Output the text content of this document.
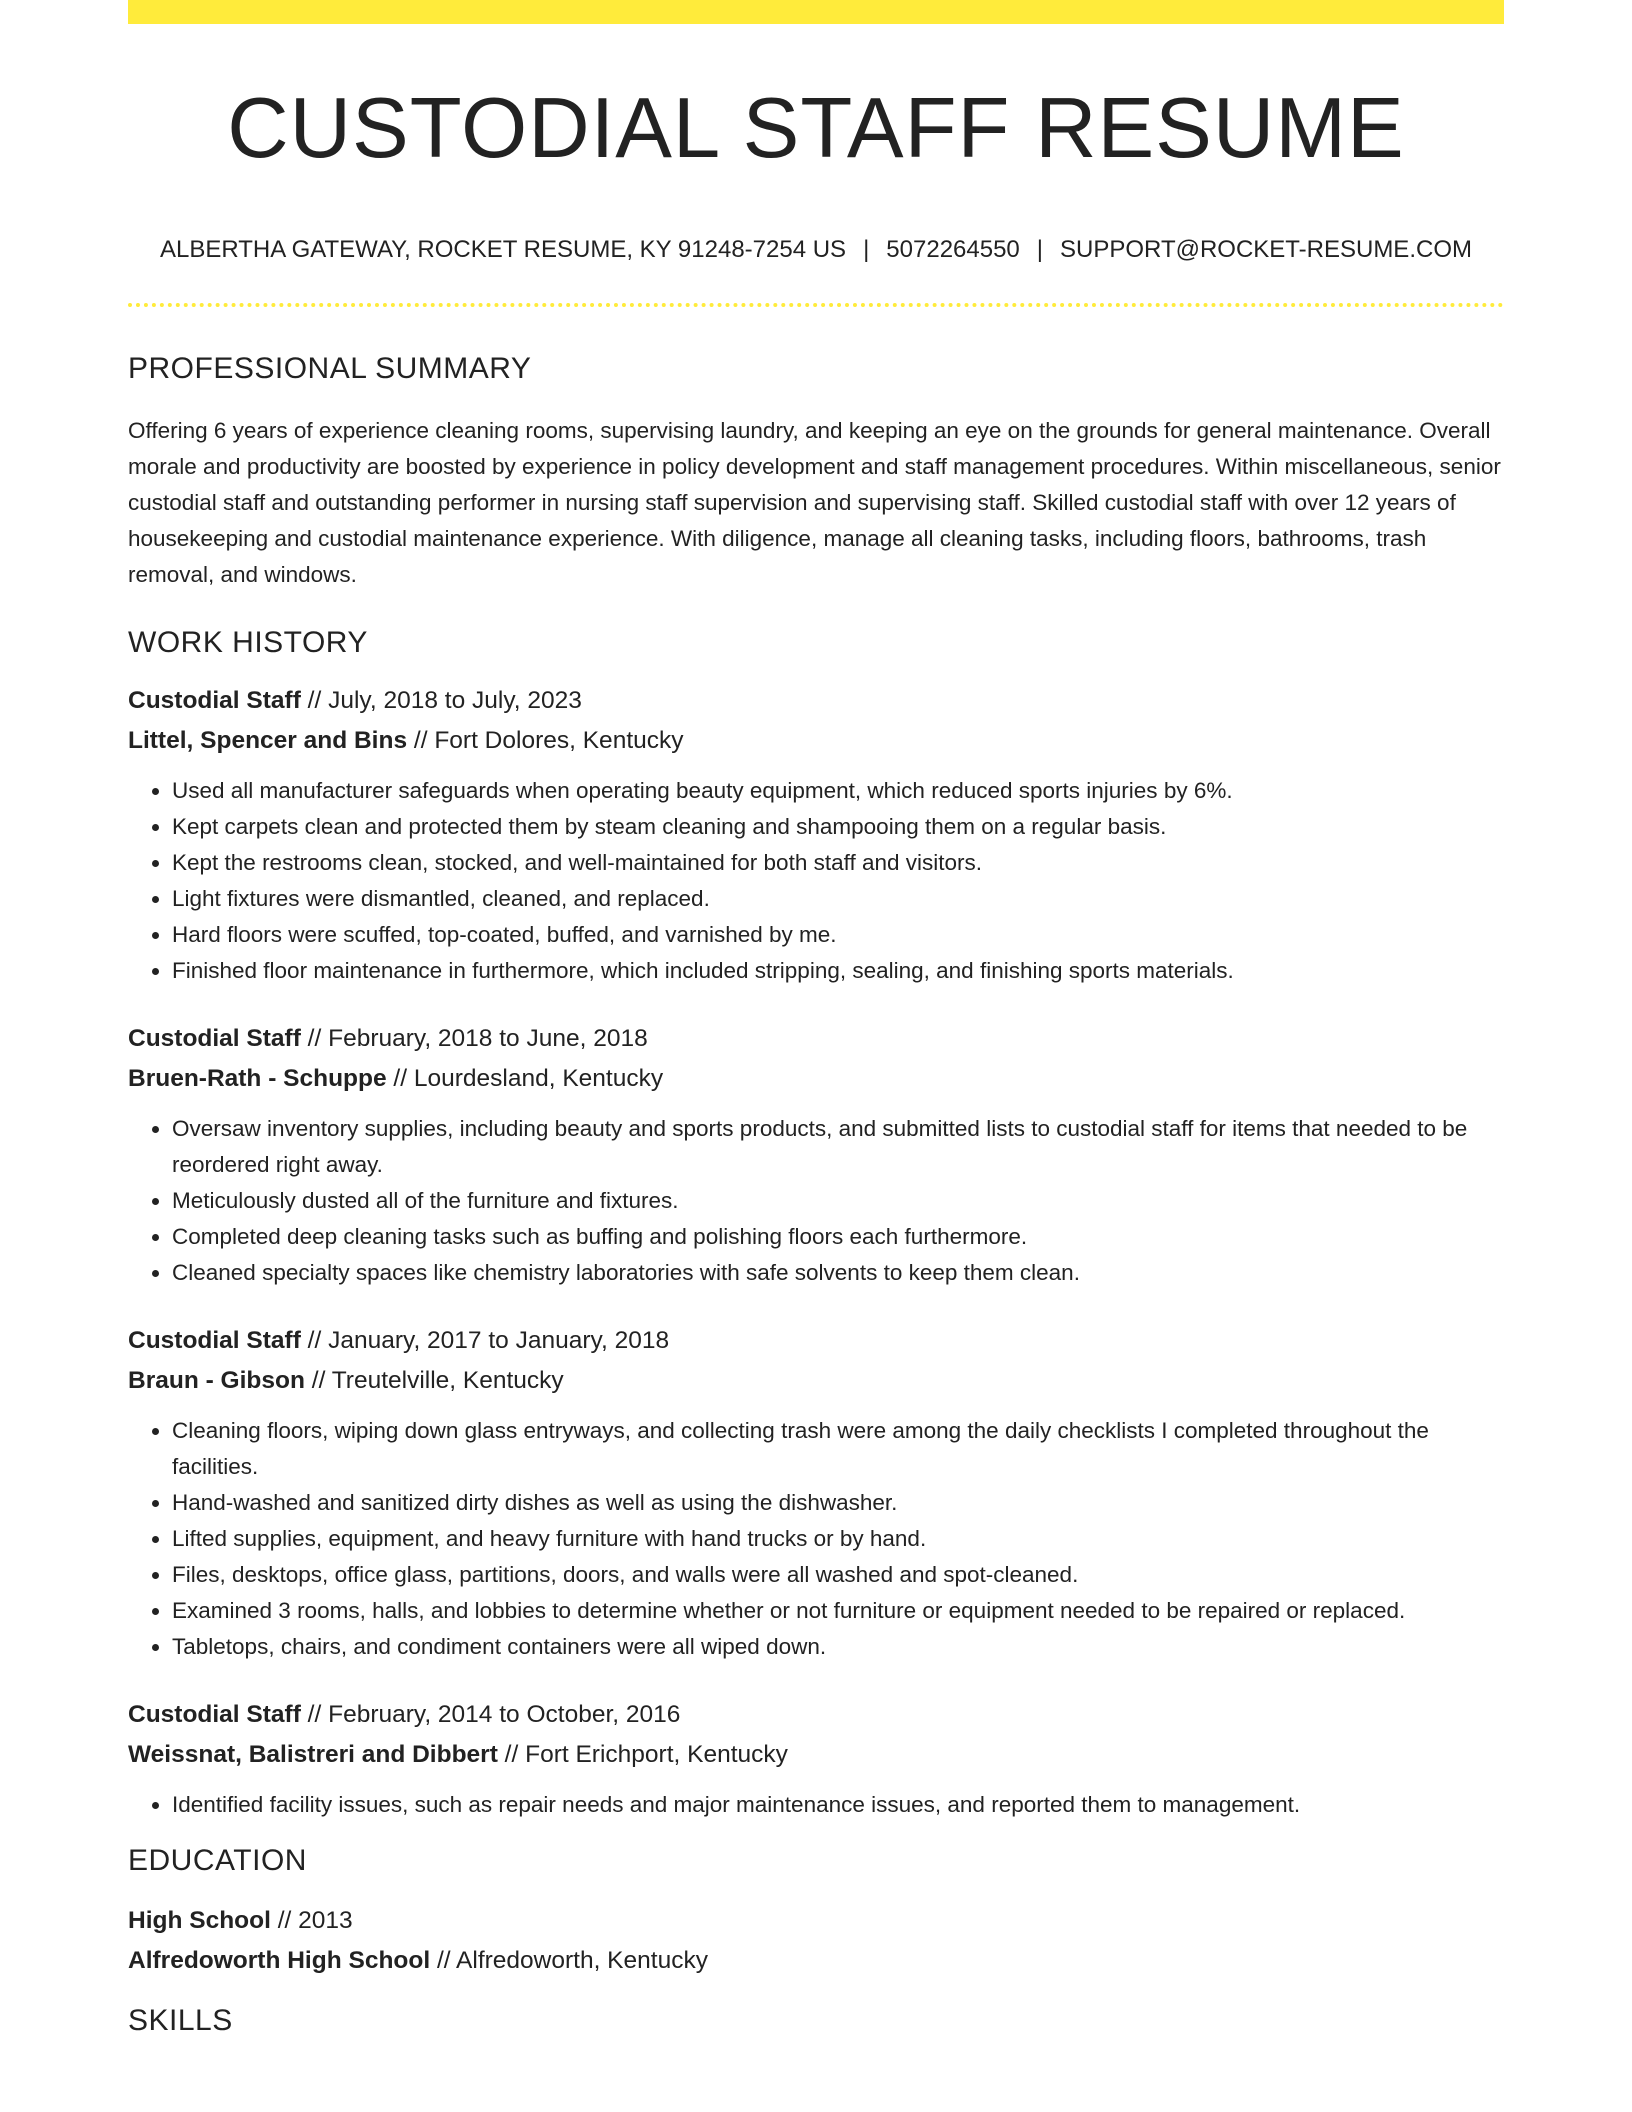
CUSTODIAL STAFF RESUME
ALBERTHA GATEWAY, ROCKET RESUME, KY 91248-7254 US | 5072264550 | SUPPORT@ROCKET-RESUME.COM
PROFESSIONAL SUMMARY

Offering 6 years of experience cleaning rooms, supervising laundry, and keeping an eye on the grounds for general maintenance. Overall morale and productivity are boosted by experience in policy development and staff management procedures. Within miscellaneous, senior custodial staff and outstanding performer in nursing staff supervision and supervising staff. Skilled custodial staff with over 12 years of housekeeping and custodial maintenance experience. With diligence, manage all cleaning tasks, including floors, bathrooms, trash removal, and windows.

WORK HISTORY
Custodial Staff // July, 2018 to July, 2023
Littel, Spencer and Bins // Fort Dolores, Kentucky
• Used all manufacturer safeguards when operating beauty equipment, which reduced sports injuries by 6%.
• Kept carpets clean and protected them by steam cleaning and shampooing them on a regular basis.
• Kept the restrooms clean, stocked, and well-maintained for both staff and visitors.
• Light fixtures were dismantled, cleaned, and replaced.
• Hard floors were scuffed, top-coated, buffed, and varnished by me.
• Finished floor maintenance in furthermore, which included stripping, sealing, and finishing sports materials.
Custodial Staff // February, 2018 to June, 2018
Bruen-Rath - Schuppe // Lourdesland, Kentucky
• Oversaw inventory supplies, including beauty and sports products, and submitted lists to custodial staff for items that needed to be reordered right away.
• Meticulously dusted all of the furniture and fixtures.
• Completed deep cleaning tasks such as buffing and polishing floors each furthermore.
• Cleaned specialty spaces like chemistry laboratories with safe solvents to keep them clean.
Custodial Staff // January, 2017 to January, 2018
Braun - Gibson // Treutelville, Kentucky
• Cleaning floors, wiping down glass entryways, and collecting trash were among the daily checklists I completed throughout the facilities.
• Hand-washed and sanitized dirty dishes as well as using the dishwasher.
• Lifted supplies, equipment, and heavy furniture with hand trucks or by hand.
• Files, desktops, office glass, partitions, doors, and walls were all washed and spot-cleaned.
• Examined 3 rooms, halls, and lobbies to determine whether or not furniture or equipment needed to be repaired or replaced.
• Tabletops, chairs, and condiment containers were all wiped down.
Custodial Staff // February, 2014 to October, 2016
Weissnat, Balistreri and Dibbert // Fort Erichport, Kentucky
• Identified facility issues, such as repair needs and major maintenance issues, and reported them to management.
EDUCATION
High School // 2013
Alfredoworth High School // Alfredoworth, Kentucky
SKILLS
